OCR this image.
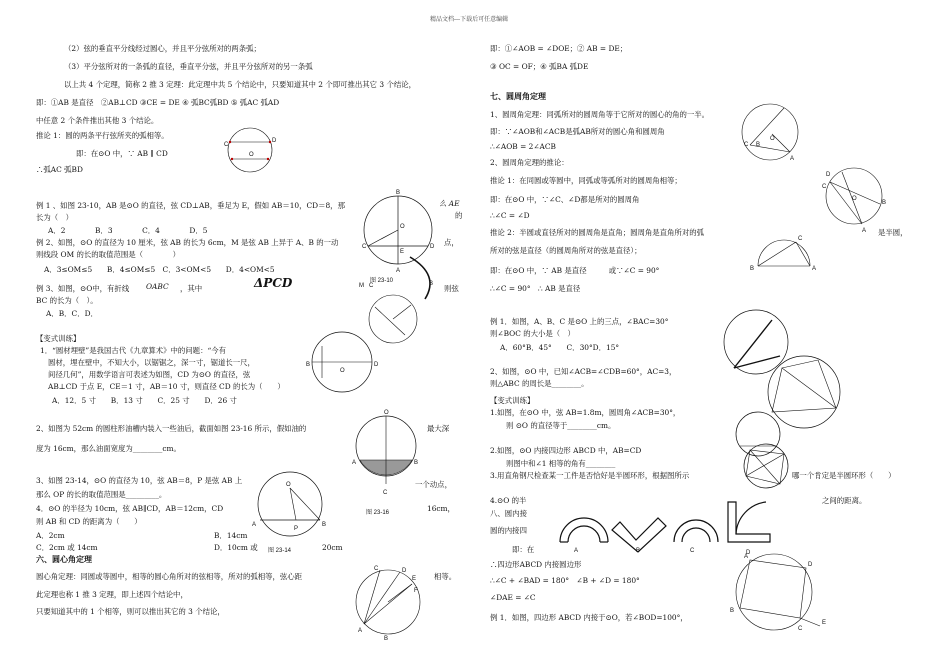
精品文档---下载后可任意编辑
（2）弦的垂直平分线经过圆心，并且平分弦所对的两条弧；
（3）平分弦所对的一条弧的直径，垂直平分弦，并且平分弦所对的另一条弧
以上共 4 个定理，简称 2 推 3 定理：此定理中共 5 个结论中，只要知道其中 2 个即可推出其它 3 个结论，
即：①AB 是直径　②AB⊥CD ③CE = DE ④ 弧BC弧BD ⑤ 弧AC 弧AD
中任意 2 个条件推出其他 3 个结论。
推论 1：圆的两条平行弦所夹的弧相等。
即：在⊙O 中，∵ AB ∥ CD
∴弧AC 弧BD
例 1 、如图 23-10，AB 是⊙O 的直径，弦 CD⊥AB，垂足为 E，假如 AB＝10，CD＝8，那	么 AE
的
长为（　）
A．2　　　　B．3　　　　C．4　　　　D．5
例 2、如图，⊙O 的直径为 10 厘米，弦 AB 的长为 6cm，M 是弦 AB 上异于 A、B 的一动	点，
则线段 OM 的长的取值范围是（　　　　）
A．3≤OM≤5　　B．4≤OM≤5　C．3<OM<5　　D．4<OM<5
例 3、如图，⊙O中，有折线 OABC ，其中	ΔPCD	则弦
BC 的长为（　）。
A．B．C．D．
【变式训练】
1．“圆材埋壁”是我国古代《九章算术》中的问题：“今有
圆材，埋在壁中，不知大小，以锯锯之，深一寸，锯道长一尺，
间径几何”，用数学语言可表述为如图，CD 为⊙O 的直径，弦
AB⊥CD 于点 E，CE＝1 寸，AB＝10 寸，则直径 CD 的长为（　　）
A．12．5 寸　　B．13 寸　　C．25 寸　　D．26 寸
2、如图为 52cm 的圆柱形油槽内装入一些油后，截面如图 23-16 所示，假如油的	最大深
度为 16cm，那么油面宽度为________cm。
3、如图 23-14，⊙O 的直径为 10，弦 AB＝8，P 是弦 AB 上	一个动点，
那么 OP 的长的取值范围是_________。
4．⊙O 的半径为 10cm，弦 AB∥CD，AB＝12cm，CD	16cm，
则 AB 和 CD 的距离为（　　）
A．2cm	B．14cm
C．2cm 或 14cm	D．10cm 或	20cm
六、圆心角定理
圆心角定理：同圆或等圆中，相等的圆心角所对的弦相等，所对的弧相等，弦心距	相等。
此定理也称 1 推 3 定理，即上述四个结论中，
只要知道其中的 1 个相等，则可以推出其它的 3 个结论，
即：①∠AOB = ∠DOE；② AB = DE；
③ OC = OF；④ 弧BA 弧DE
七、圆周角定理
1、圆周角定理：同弧所对的圆周角等于它所对的圆心的角的一半。
即：∵∠AOB和∠ACB是弧AB所对的圆心角和圆周角
∴∠AOB = 2∠ACB
2、圆周角定理的推论：
推论 1：在同圆或等圆中，同弧或等弧所对的圆周角相等；
即：在⊙O 中，∵∠C、∠D都是所对的圆周角
∴∠C = ∠D
推论 2：半圆或直径所对的圆周角是直角；圆周角是直角所对的弧	是半圆，
所对的弦是直径（的圆周角所对的弦是直径）；
即：在⊙O 中，∵ AB 是直径　　　或∵∠C = 90°
∴∠C = 90°　∴ AB 是直径
例 1．如图，A、B、C 是⊙O 上的三点，∠BAC=30°
则∠BOC 的大小是（　）
A．60°B．45°　　C．30°D．15°
2、如图，⊙O 中，已知∠ACB=∠CDB=60°，AC=3，
则△ABC 的周长是________。
【变式训练】
1.如图，在⊙O 中，弦 AB=1.8m，圆周角∠ACB=30°，
则 ⊙O 的直径等于________cm。
2.如图，⊙O 内接四边形 ABCD 中，AB=CD
则图中和∠1 相等的角有________
3.用直角钢尺检查某一工件是否恰好是半圆环形，根据图所示	哪一个肯定是半圆环形（　　）
4.⊙O 的半	之间的距离。
八、圆内接
圆的内接四
即：在
∴四边形ABCD 内接圆边形
∴∠C + ∠BAD = 180°　∠B + ∠D = 180°
∠DAE = ∠C
例 1．如图，四边形 ABCD 内接于⊙O，若∠BOD=100°，
C
D
O
B
O
A
E
C	D
图 23-10
M C	B
B
O
D
C B
O
A
D
C
B
O
A
C
B	A
O
A	B
C
图 23-16
O
A
P
B
图 23-14
A
B
C	D
E
F
A
B
C
D
E
A	B	C	D
